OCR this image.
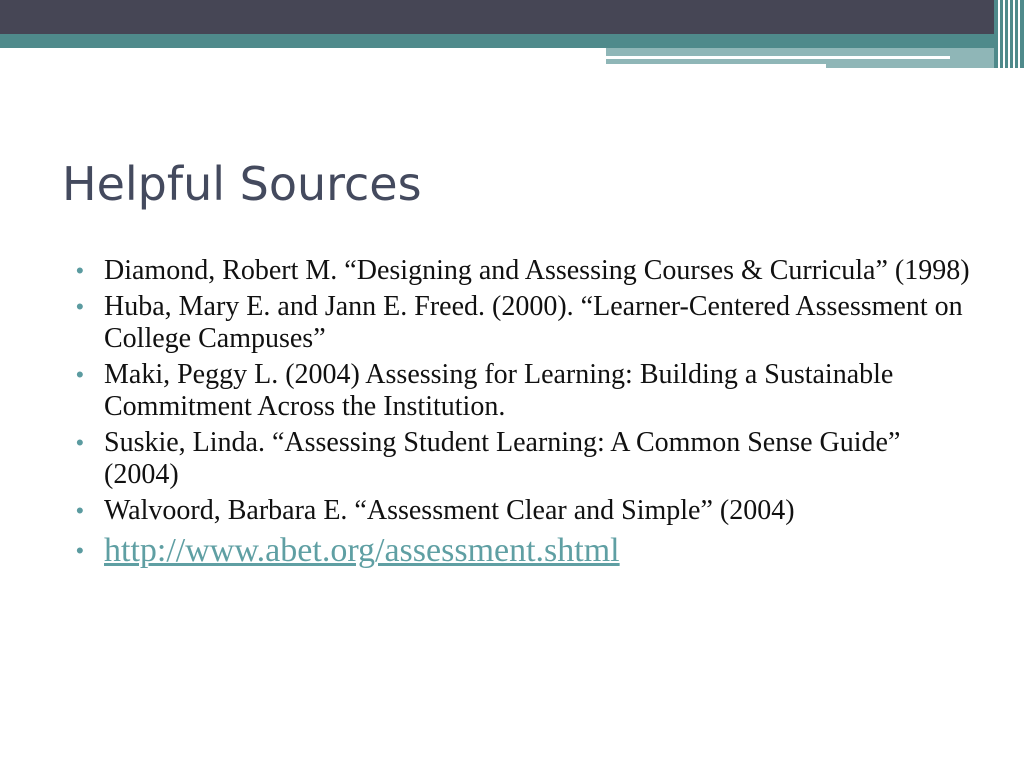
Helpful Sources
• Diamond, Robert M. “Designing and Assessing Courses & Curricula” (1998)
• Huba, Mary E. and Jann E. Freed. (2000). “Learner-Centered Assessment on College Campuses”
• Maki, Peggy L. (2004) Assessing for Learning: Building a Sustainable Commitment Across the Institution.
• Suskie, Linda. “Assessing Student Learning: A Common Sense Guide” (2004)
• Walvoord, Barbara E. “Assessment Clear and Simple” (2004)
• http://www.abet.org/assessment.shtml
